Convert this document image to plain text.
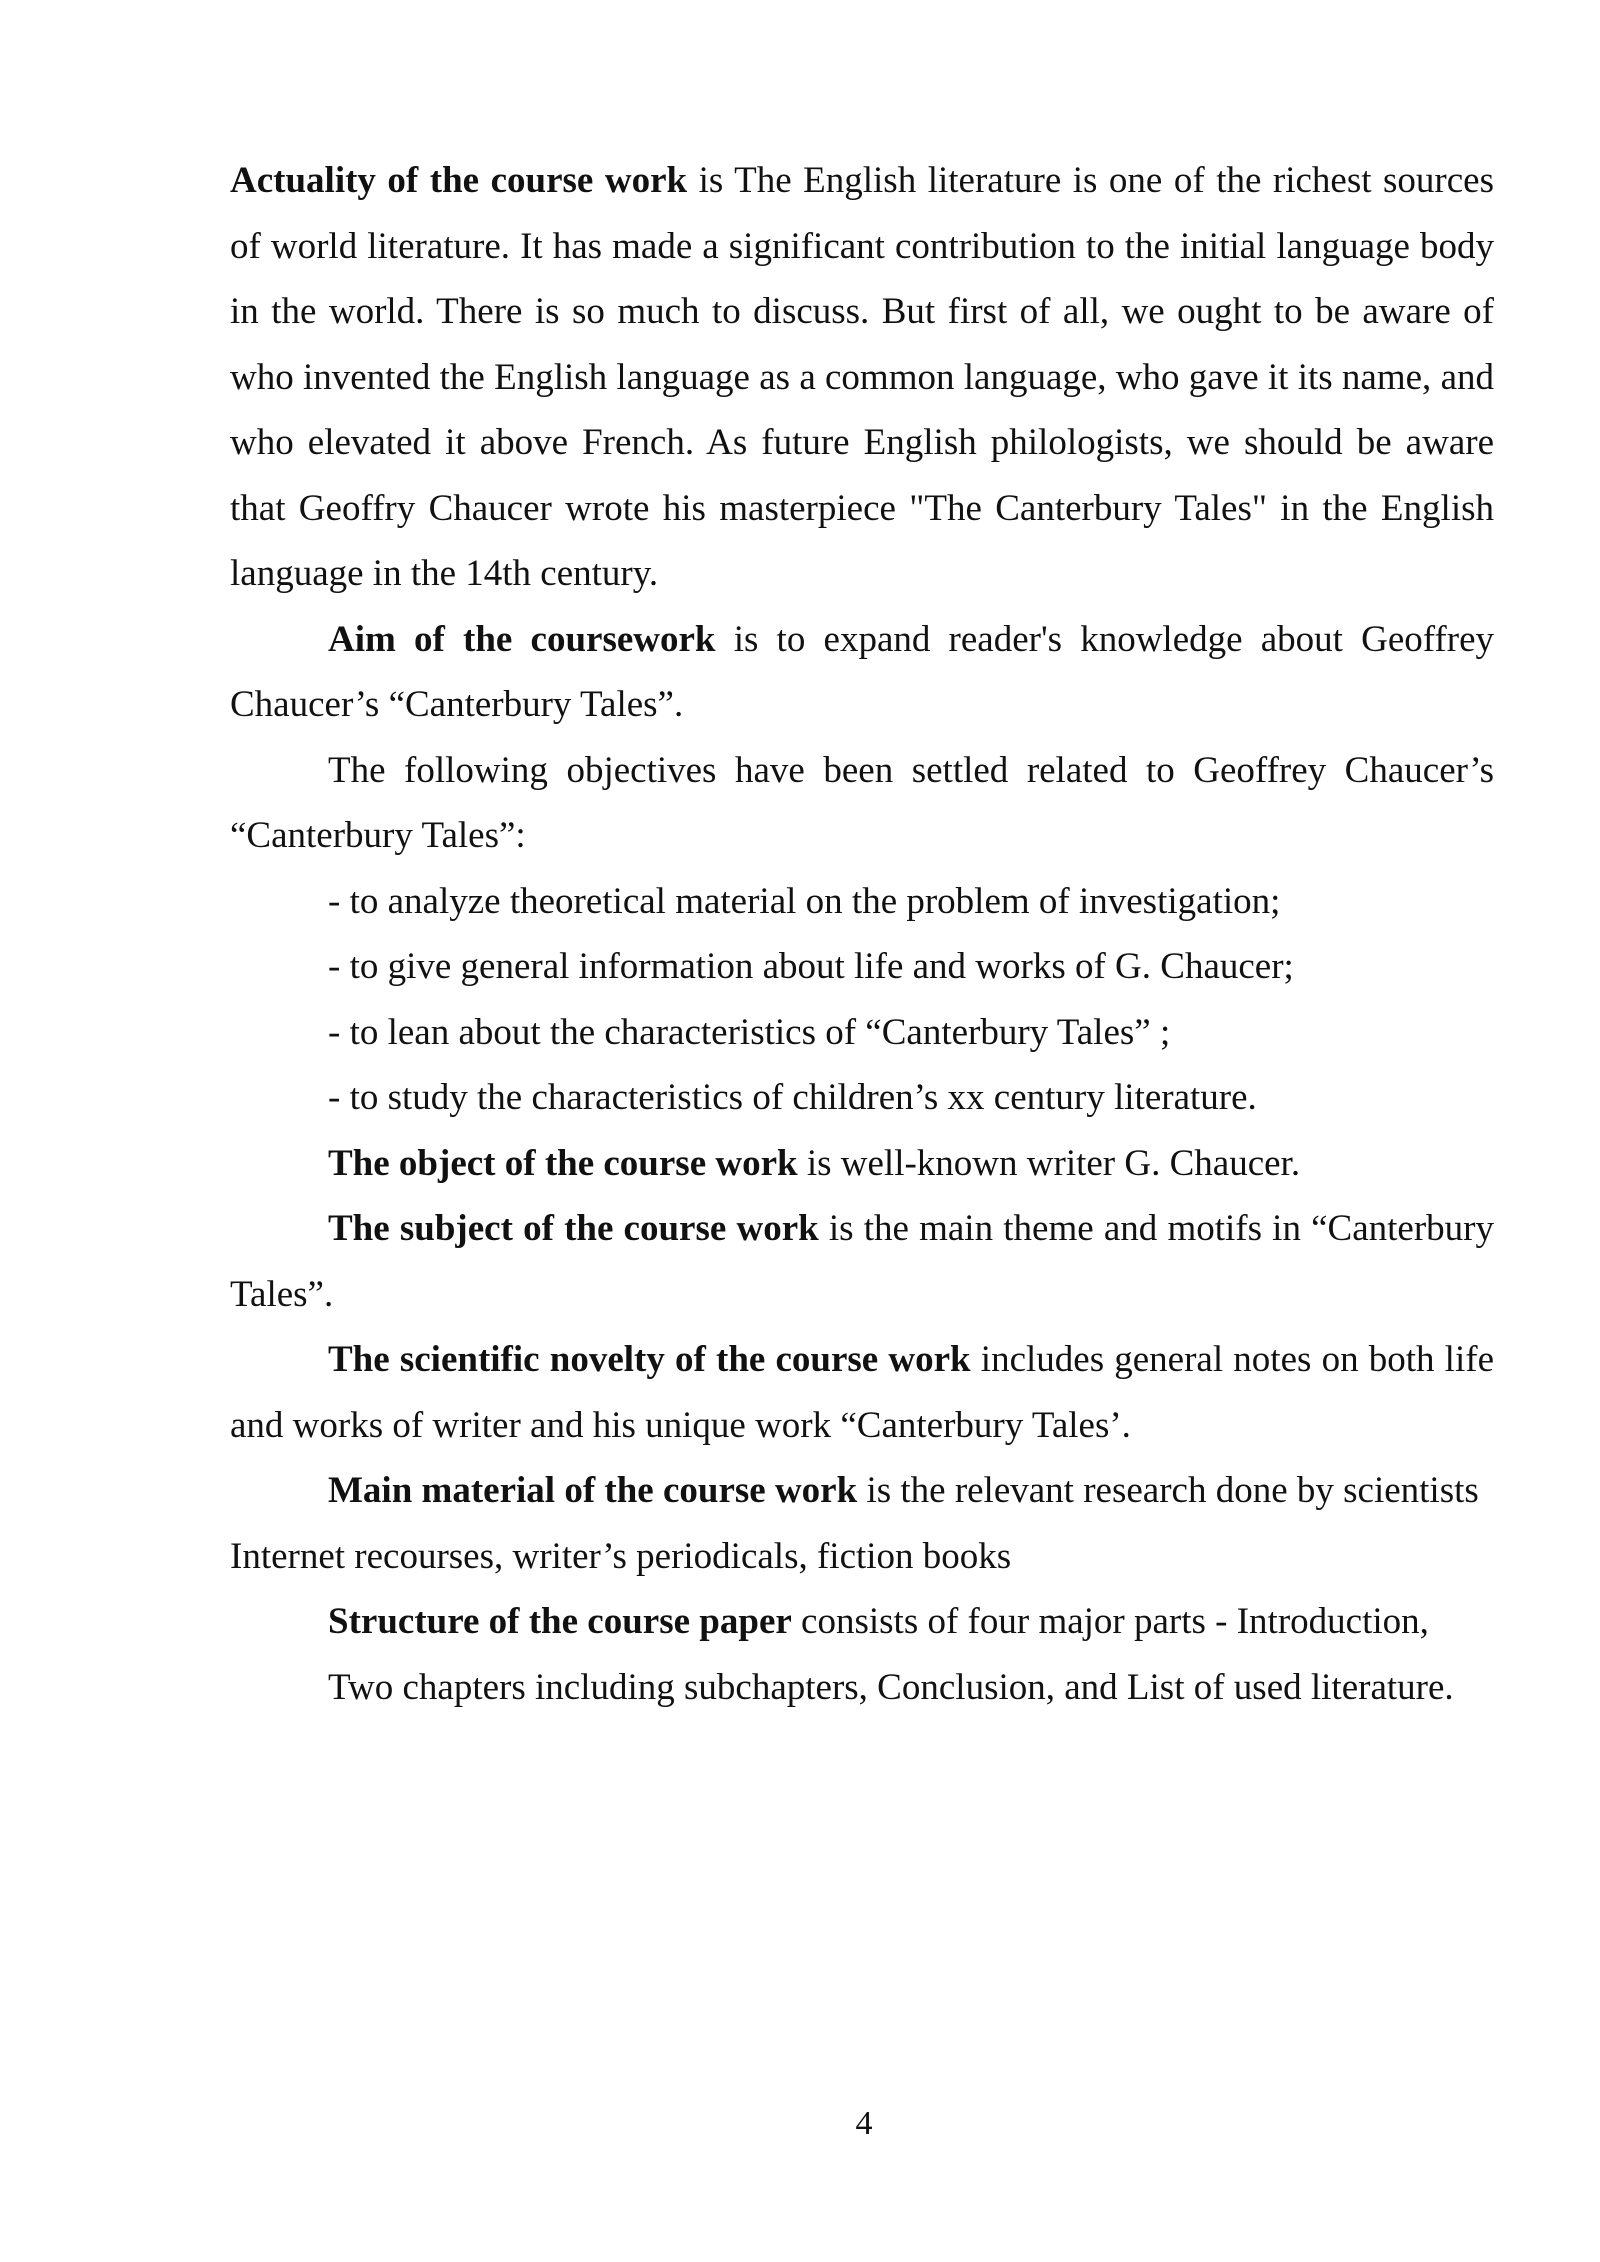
Actuality of the course work is The English literature is one of the richest sources of world literature. It has made a significant contribution to the initial language body in the world. There is so much to discuss. But first of all, we ought to be aware of who invented the English language as a common language, who gave it its name, and who elevated it above French. As future English philologists, we should be aware that Geoffry Chaucer wrote his masterpiece "The Canterbury Tales" in the English language in the 14th century.

Aim of the coursework is to expand reader's knowledge about Geoffrey Chaucer’s “Canterbury Tales”.

The following objectives have been settled related to Geoffrey Chaucer’s “Canterbury Tales”:

- to analyze theoretical material on the problem of investigation;

- to give general information about life and works of G. Chaucer;

- to lean about the characteristics of “Canterbury Tales” ;

- to study the characteristics of children’s xx century literature.

The object of the course work is well-known writer G. Chaucer.

The subject of the course work is the main theme and motifs in “Canterbury Tales”.

The scientific novelty of the course work includes general notes on both life and works of writer and his unique work “Canterbury Tales’.

Main material of the course work is the relevant research done by scientists

Internet recourses, writer’s periodicals, fiction books

Structure of the course paper consists of four major parts - Introduction,

Two chapters including subchapters, Conclusion, and List of used literature.

4
